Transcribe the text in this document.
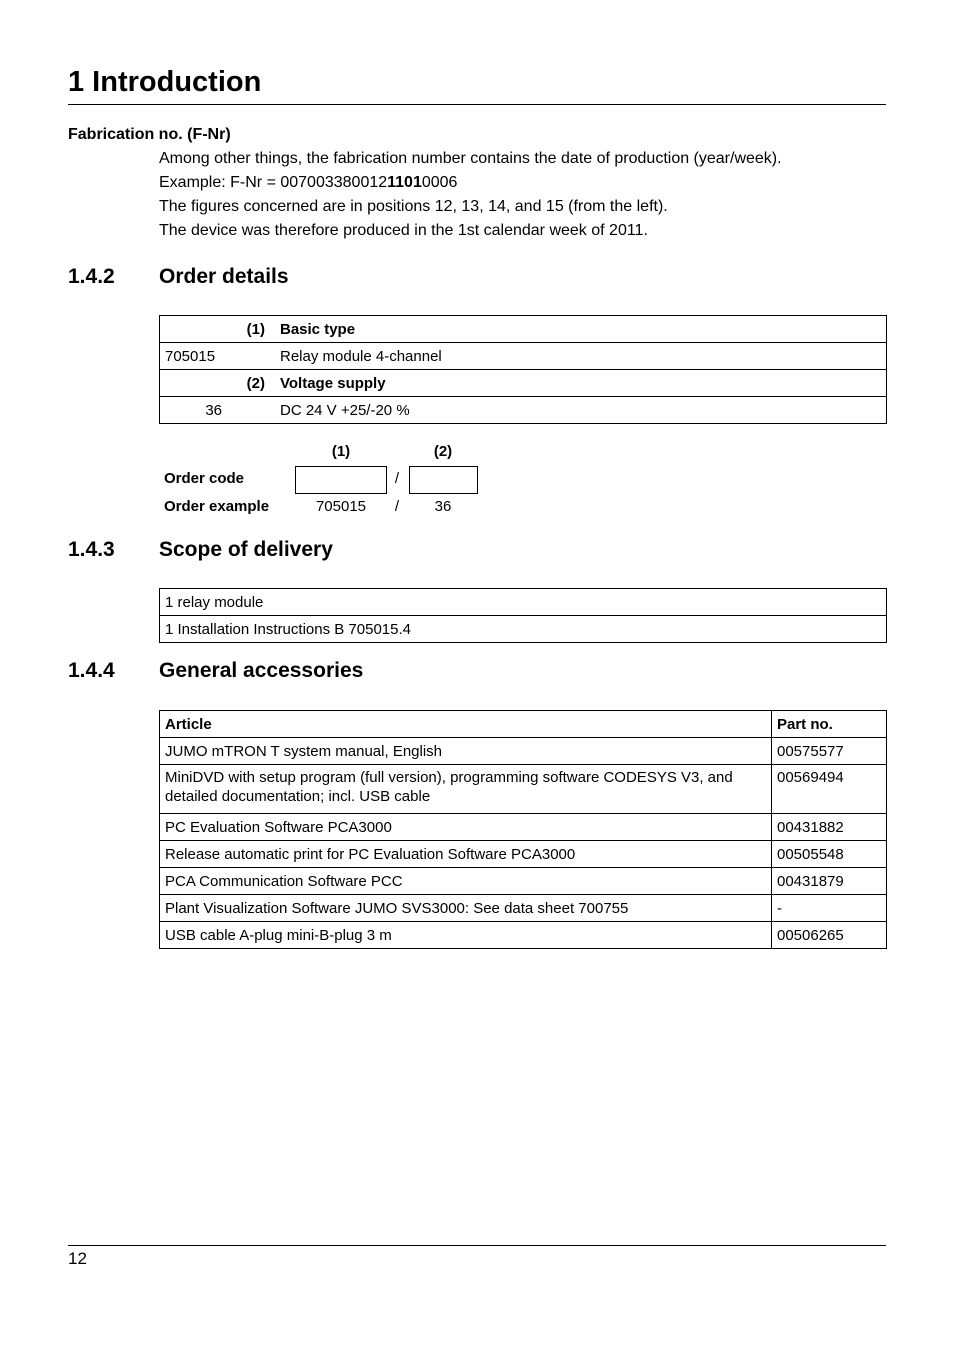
1 Introduction
Fabrication no. (F-Nr)
Among other things, the fabrication number contains the date of production (year/week).
Example: F-Nr = 00700338001211010006
The figures concerned are in positions 12, 13, 14, and 15 (from the left).
The device was therefore produced in the 1st calendar week of 2011.
1.4.2 Order details
(1)	Basic type
705015	Relay module 4-channel
(2)	Voltage supply
36	DC 24 V +25/-20 %
(1)	(2)
Order code	/
Order example	705015	/	36
1.4.3 Scope of delivery
1 relay module
1 Installation Instructions B 705015.4
1.4.4 General accessories
Article	Part no.
JUMO mTRON T system manual, English	00575577
MiniDVD with setup program (full version), programming software CODESYS V3, and detailed documentation; incl. USB cable	00569494
PC Evaluation Software PCA3000	00431882
Release automatic print for PC Evaluation Software PCA3000	00505548
PCA Communication Software PCC	00431879
Plant Visualization Software JUMO SVS3000: See data sheet 700755	-
USB cable A-plug mini-B-plug 3 m	00506265
12
